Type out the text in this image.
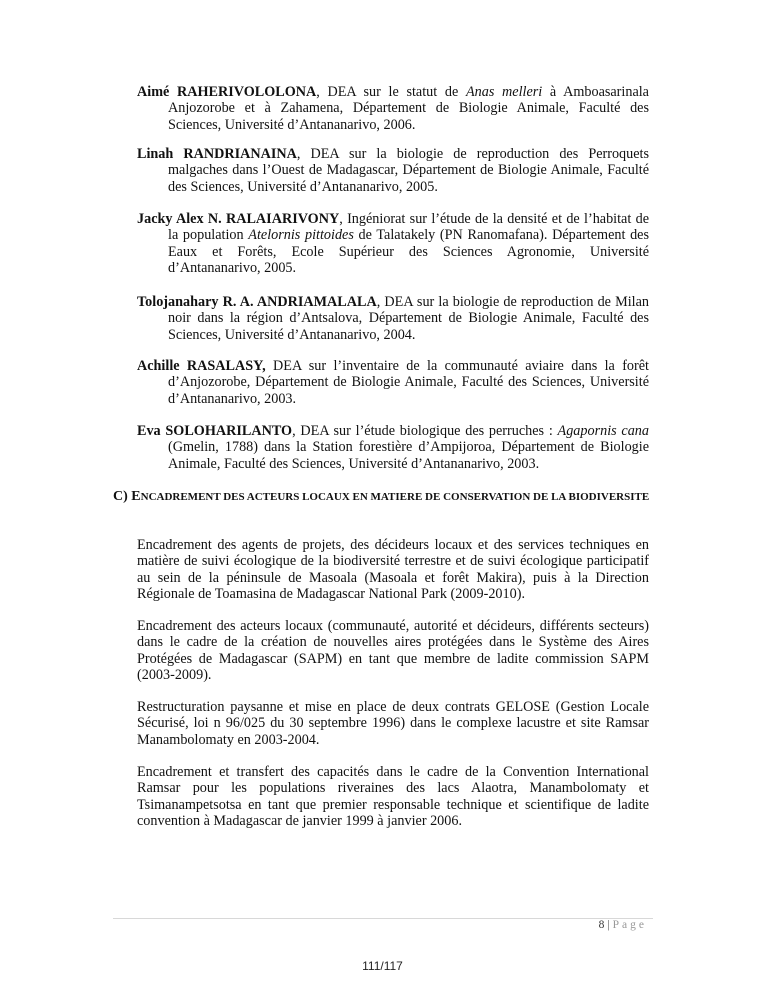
Aimé RAHERIVOLOLONA, DEA sur le statut de Anas melleri à Amboasarinala Anjozorobe et à Zahamena, Département de Biologie Animale, Faculté des Sciences, Université d’Antananarivo, 2006.
Linah RANDRIANAINA, DEA sur la biologie de reproduction des Perroquets malgaches dans l’Ouest de Madagascar, Département de Biologie Animale, Faculté des Sciences, Université d’Antananarivo, 2005.
Jacky Alex N. RALAIARIVONY, Ingéniorat sur l’étude de la densité et de l’habitat de la population Atelornis pittoides de Talatakely (PN Ranomafana). Département des Eaux et Forêts, Ecole Supérieur des Sciences Agronomie, Université d’Antananarivo, 2005.
Tolojanahary R. A. ANDRIAMALALA, DEA sur la biologie de reproduction de Milan noir dans la région d’Antsalova, Département de Biologie Animale, Faculté des Sciences, Université d’Antananarivo, 2004.
Achille RASALASY, DEA sur l’inventaire de la communauté aviaire dans la forêt d’Anjozorobe, Département de Biologie Animale, Faculté des Sciences, Université d’Antananarivo, 2003.
Eva SOLOHARILANTO, DEA sur l’étude biologique des perruches : Agapornis cana (Gmelin, 1788) dans la Station forestière d’Ampijoroa, Département de Biologie Animale, Faculté des Sciences, Université d’Antananarivo, 2003.
C) ENCADREMENT DES ACTEURS LOCAUX EN MATIERE DE CONSERVATION DE LA BIODIVERSITE
Encadrement des agents de projets, des décideurs locaux et des services techniques en matière de suivi écologique de la biodiversité terrestre et de suivi écologique participatif au sein de la péninsule de Masoala (Masoala et forêt Makira), puis à la Direction Régionale de Toamasina de Madagascar National Park (2009-2010).
Encadrement des acteurs locaux (communauté, autorité et décideurs, différents secteurs) dans le cadre de la création de nouvelles aires protégées dans le Système des Aires Protégées de Madagascar (SAPM) en tant que membre de ladite commission SAPM (2003-2009).
Restructuration paysanne et mise en place de deux contrats GELOSE (Gestion Locale Sécurisé, loi n 96/025 du 30 septembre 1996) dans le complexe lacustre et site Ramsar Manambolomaty en 2003-2004.
Encadrement et transfert des capacités dans le cadre de la Convention International Ramsar pour les populations riveraines des lacs Alaotra, Manambolomaty et Tsimanampetsotsa en tant que premier responsable technique et scientifique de ladite convention à Madagascar de janvier 1999 à janvier 2006.
8 | Page
111/117
